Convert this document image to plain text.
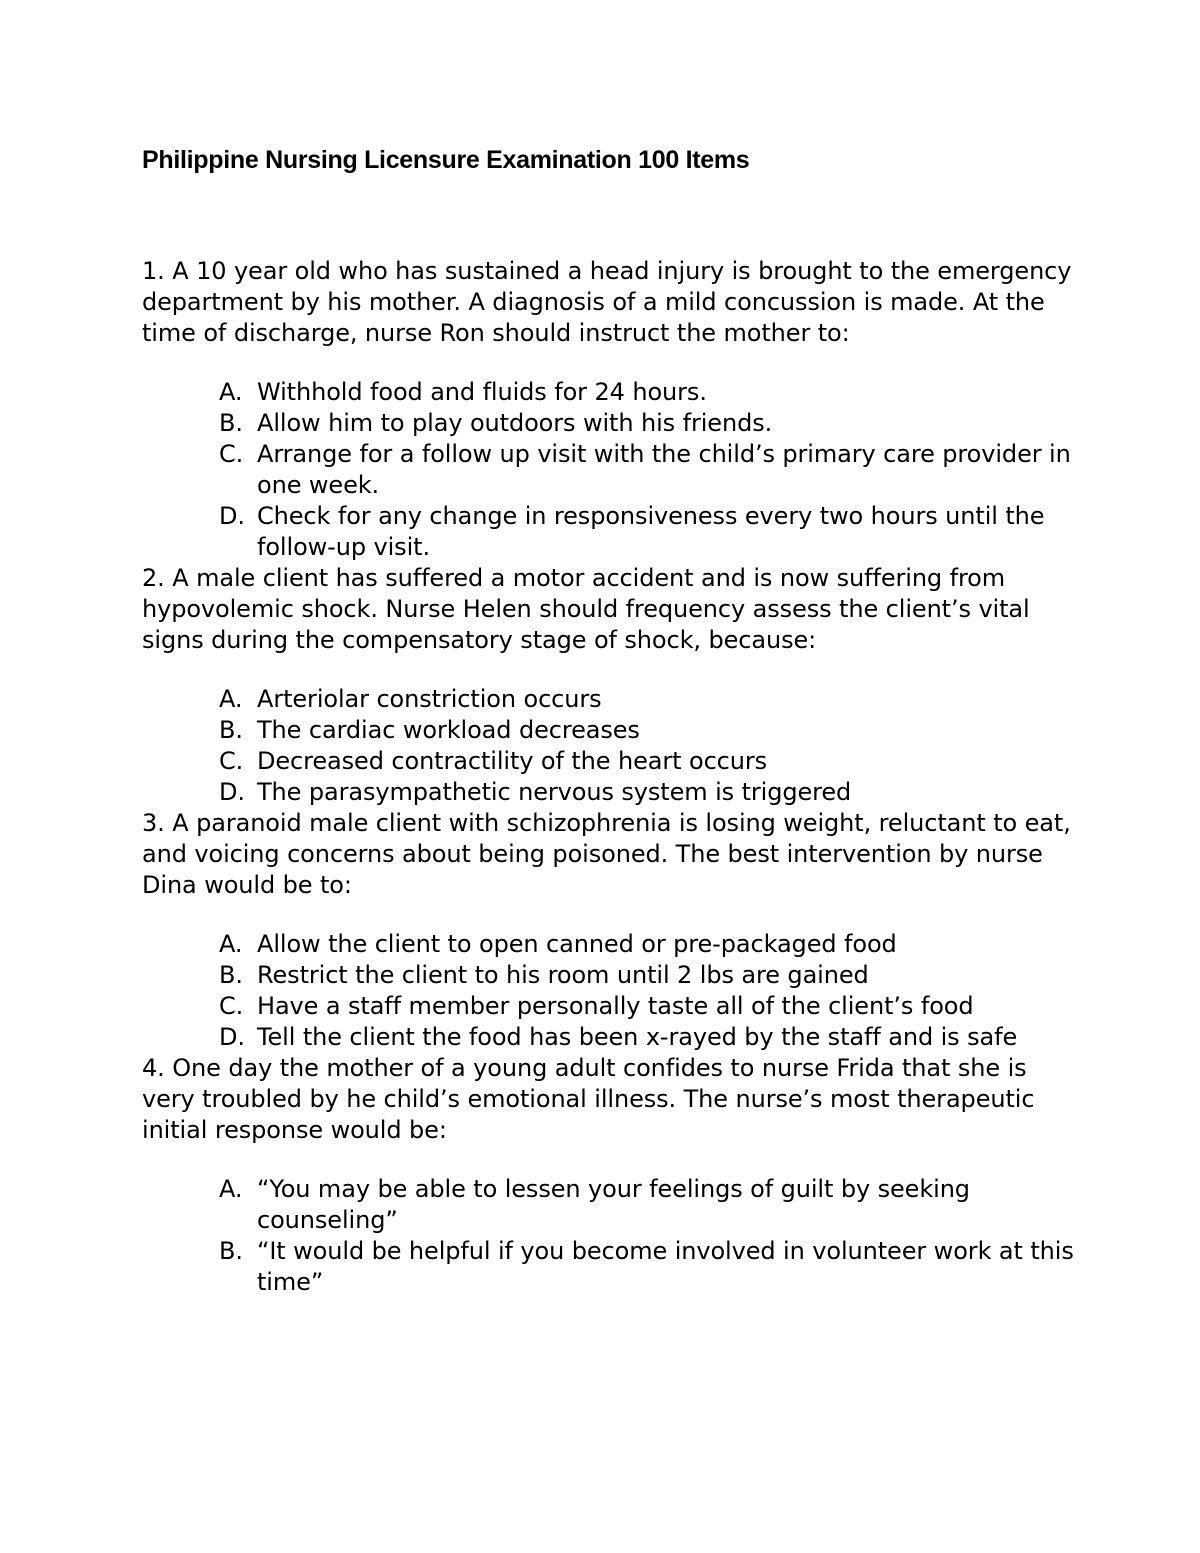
Philippine Nursing Licensure Examination 100 Items

1. A 10 year old who has sustained a head injury is brought to the emergency department by his mother. A diagnosis of a mild concussion is made. At the time of discharge, nurse Ron should instruct the mother to:

A. Withhold food and fluids for 24 hours.
B. Allow him to play outdoors with his friends.
C. Arrange for a follow up visit with the child’s primary care provider in one week.
D. Check for any change in responsiveness every two hours until the follow-up visit.

2. A male client has suffered a motor accident and is now suffering from hypovolemic shock. Nurse Helen should frequency assess the client’s vital signs during the compensatory stage of shock, because:

A. Arteriolar constriction occurs
B. The cardiac workload decreases
C. Decreased contractility of the heart occurs
D. The parasympathetic nervous system is triggered

3. A paranoid male client with schizophrenia is losing weight, reluctant to eat, and voicing concerns about being poisoned. The best intervention by nurse Dina would be to:

A. Allow the client to open canned or pre-packaged food
B. Restrict the client to his room until 2 lbs are gained
C. Have a staff member personally taste all of the client’s food
D. Tell the client the food has been x-rayed by the staff and is safe

4. One day the mother of a young adult confides to nurse Frida that she is very troubled by he child’s emotional illness. The nurse’s most therapeutic initial response would be:

A. “You may be able to lessen your feelings of guilt by seeking counseling”
B. “It would be helpful if you become involved in volunteer work at this time”
